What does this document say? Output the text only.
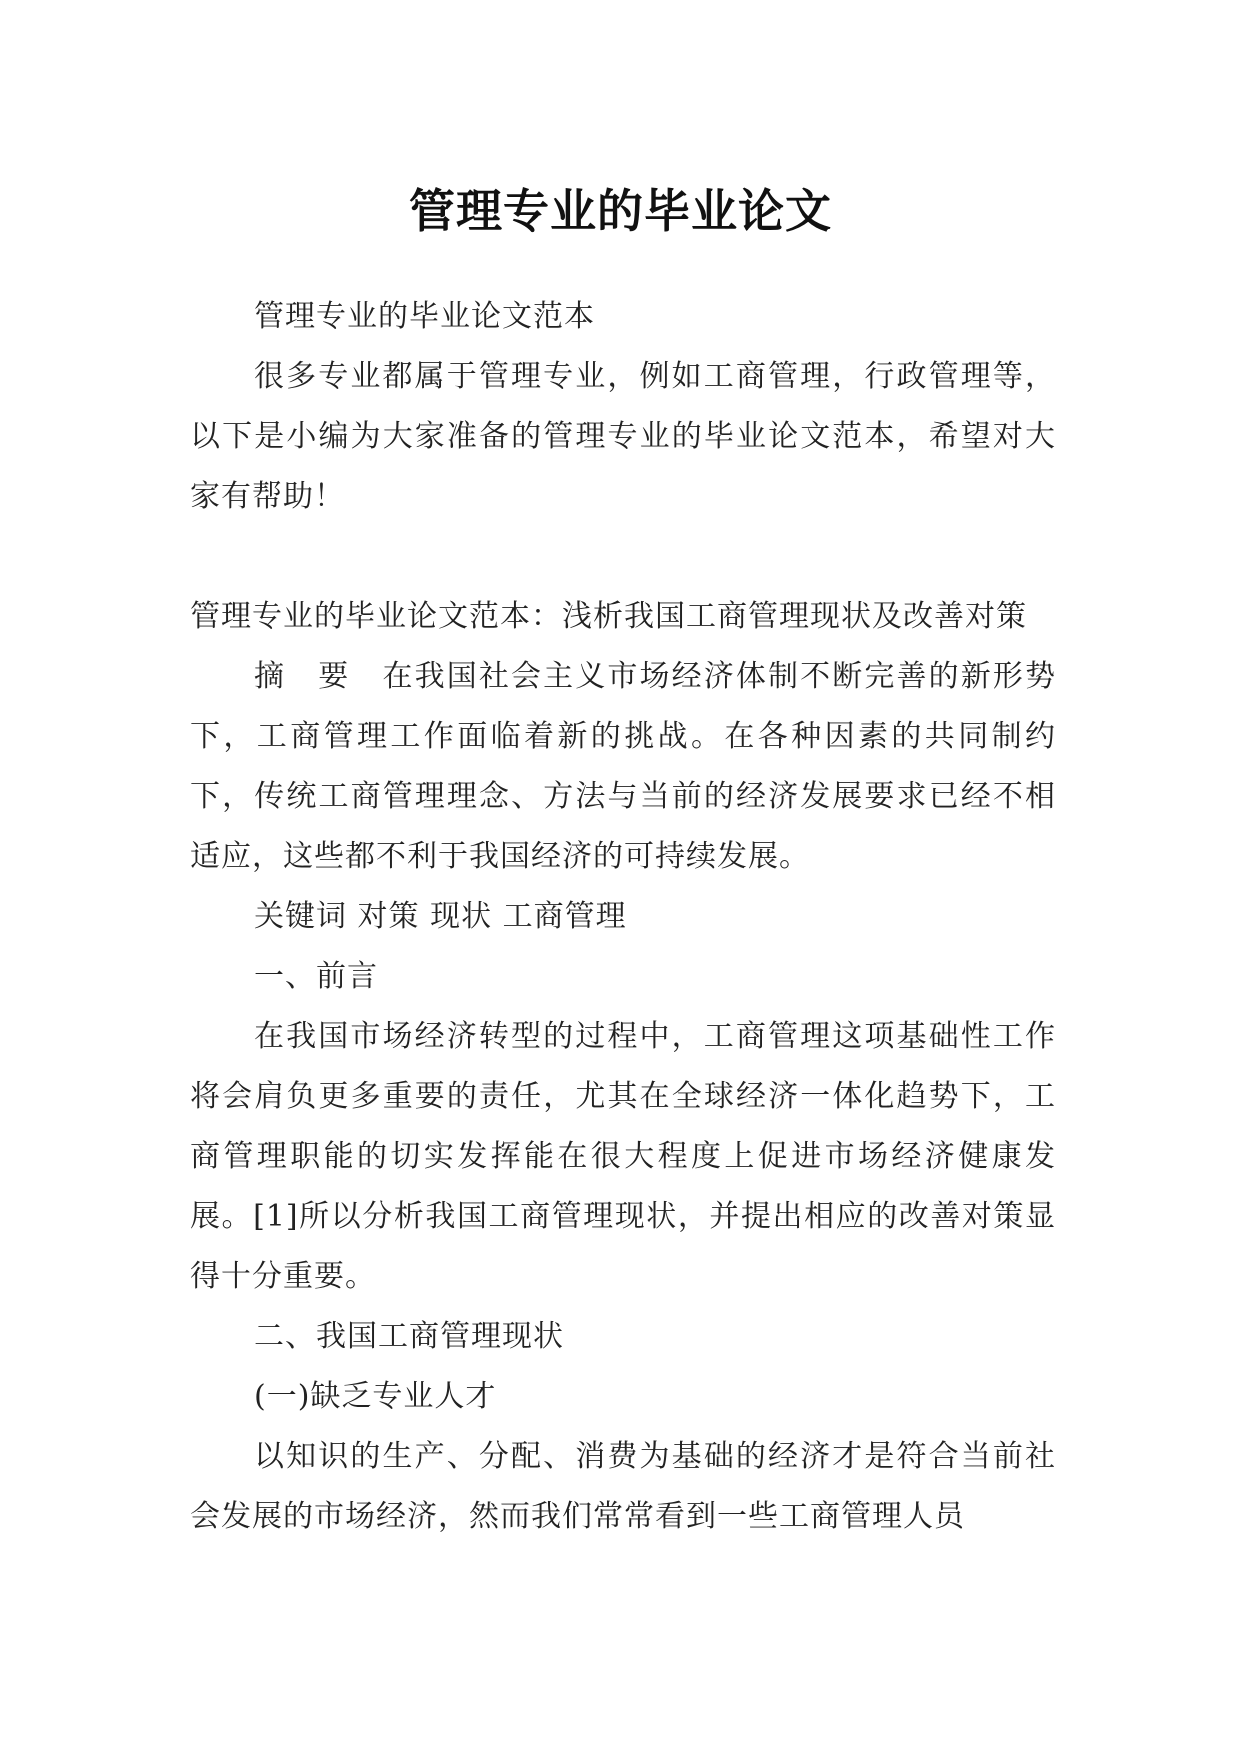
管理专业的毕业论文

管理专业的毕业论文范本

很多专业都属于管理专业，例如工商管理，行政管理等，以下是小编为大家准备的管理专业的毕业论文范本，希望对大家有帮助！

管理专业的毕业论文范本：浅析我国工商管理现状及改善对策

摘　要　在我国社会主义市场经济体制不断完善的新形势下，工商管理工作面临着新的挑战。在各种因素的共同制约下，传统工商管理理念、方法与当前的经济发展要求已经不相适应，这些都不利于我国经济的可持续发展。

关键词 对策 现状 工商管理

一、前言

在我国市场经济转型的过程中，工商管理这项基础性工作将会肩负更多重要的责任，尤其在全球经济一体化趋势下，工商管理职能的切实发挥能在很大程度上促进市场经济健康发展。[1]所以分析我国工商管理现状，并提出相应的改善对策显得十分重要。

二、我国工商管理现状

(一)缺乏专业人才

以知识的生产、分配、消费为基础的经济才是符合当前社会发展的市场经济，然而我们常常看到一些工商管理人员
